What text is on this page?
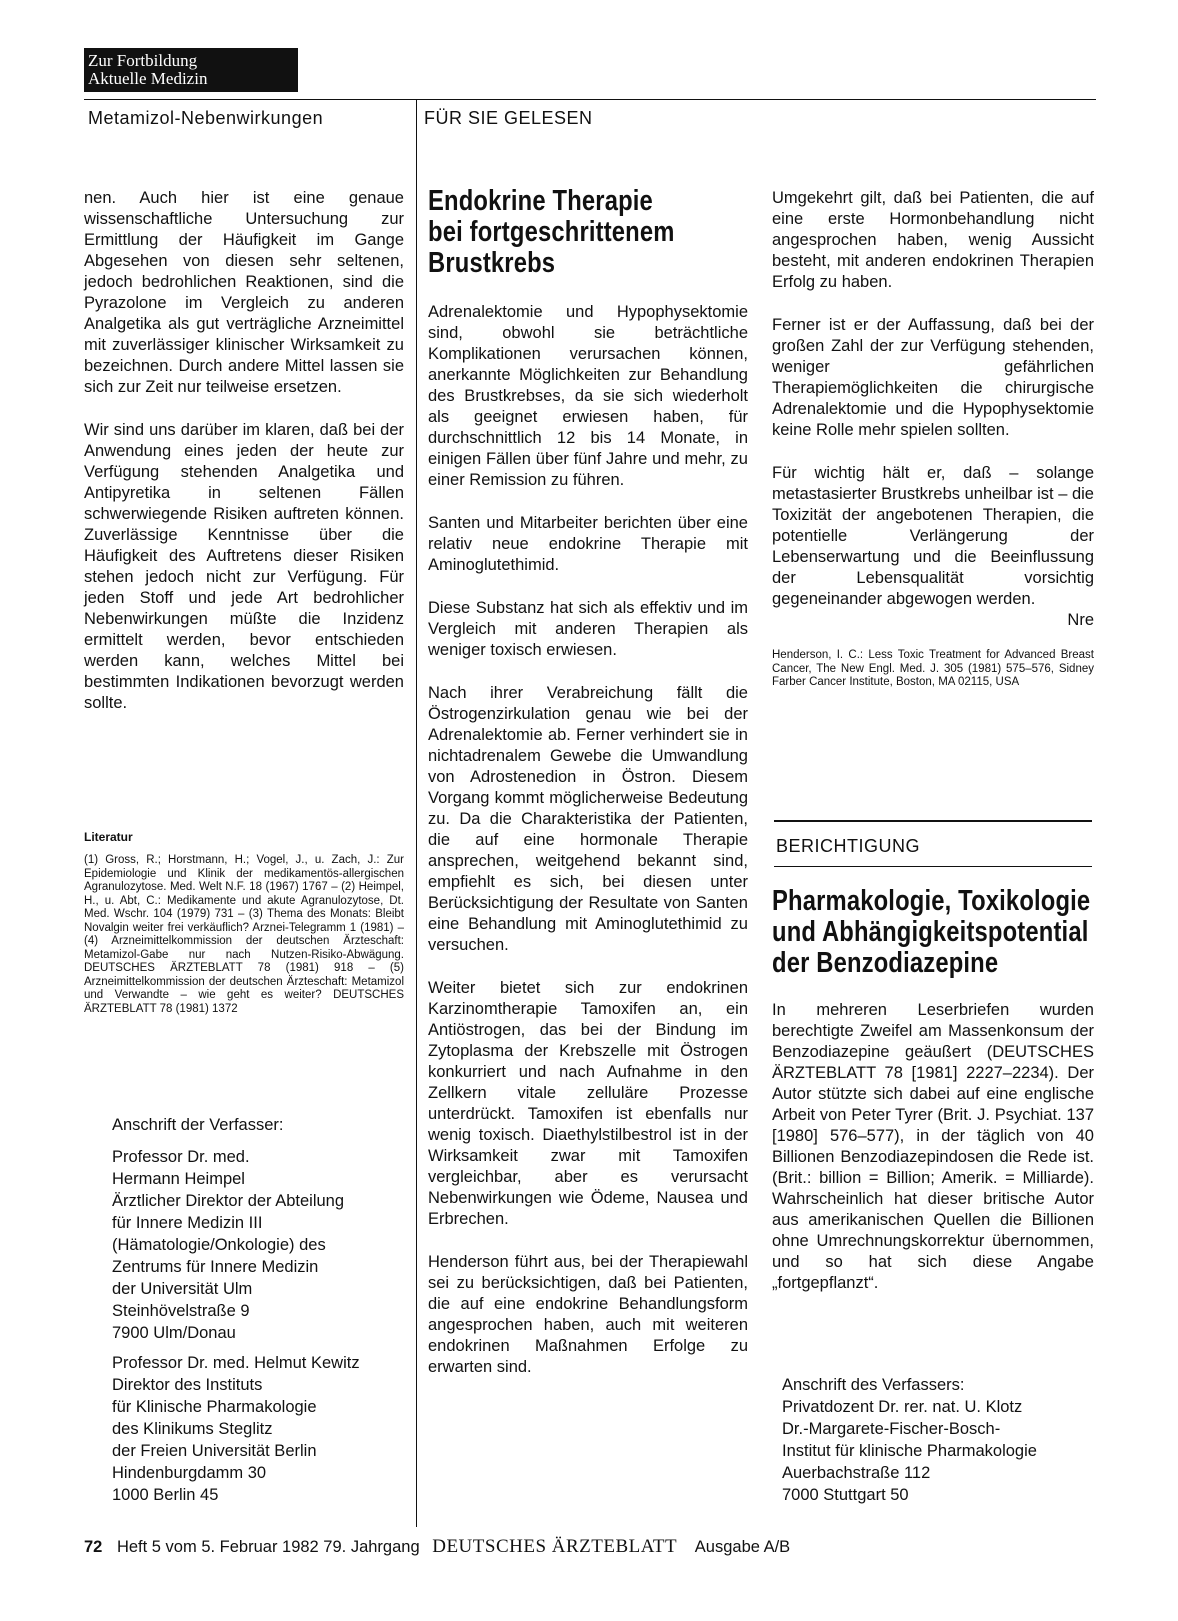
Zur Fortbildung
Aktuelle Medizin
Metamizol-Nebenwirkungen	FÜR SIE GELESEN

nen. Auch hier ist eine genaue wissenschaftliche Untersuchung zur Ermittlung der Häufigkeit im Gange Abgesehen von diesen sehr seltenen, jedoch bedrohlichen Reaktionen, sind die Pyrazolone im Vergleich zu anderen Analgetika als gut verträgliche Arzneimittel mit zuverlässiger klinischer Wirksamkeit zu bezeichnen. Durch andere Mittel lassen sie sich zur Zeit nur teilweise ersetzen.

Wir sind uns darüber im klaren, daß bei der Anwendung eines jeden der heute zur Verfügung stehenden Analgetika und Antipyretika in seltenen Fällen schwerwiegende Risiken auftreten können. Zuverlässige Kenntnisse über die Häufigkeit des Auftretens dieser Risiken stehen jedoch nicht zur Verfügung. Für jeden Stoff und jede Art bedrohlicher Nebenwirkungen müßte die Inzidenz ermittelt werden, bevor entschieden werden kann, welches Mittel bei bestimmten Indikationen bevorzugt werden sollte.

Literatur
(1) Gross, R.; Horstmann, H.; Vogel, J., u. Zach, J.: Zur Epidemiologie und Klinik der medikamentös-allergischen Agranulozytose. Med. Welt N.F. 18 (1967) 1767 – (2) Heimpel, H., u. Abt, C.: Medikamente und akute Agranulozytose, Dt. Med. Wschr. 104 (1979) 731 – (3) Thema des Monats: Bleibt Novalgin weiter frei verkäuflich? Arznei-Telegramm 1 (1981) – (4) Arzneimittelkommission der deutschen Ärzteschaft: Metamizol-Gabe nur nach Nutzen-Risiko-Abwägung. DEUTSCHES ÄRZTEBLATT 78 (1981) 918 – (5) Arzneimittelkommission der deutschen Ärzteschaft: Metamizol und Verwandte – wie geht es weiter? DEUTSCHES ÄRZTEBLATT 78 (1981) 1372
Anschrift der Verfasser:
Professor Dr. med.
Hermann Heimpel
Ärztlicher Direktor der Abteilung
für Innere Medizin III
(Hämatologie/Onkologie) des
Zentrums für Innere Medizin
der Universität Ulm
Steinhövelstraße 9
7900 Ulm/Donau
Professor Dr. med. Helmut Kewitz
Direktor des Instituts
für Klinische Pharmakologie
des Klinikums Steglitz
der Freien Universität Berlin
Hindenburgdamm 30
1000 Berlin 45
Endokrine Therapie
bei fortgeschrittenem
Brustkrebs

Adrenalektomie und Hypophysektomie sind, obwohl sie beträchtliche Komplikationen verursachen können, anerkannte Möglichkeiten zur Behandlung des Brustkrebses, da sie sich wiederholt als geeignet erwiesen haben, für durchschnittlich 12 bis 14 Monate, in einigen Fällen über fünf Jahre und mehr, zu einer Remission zu führen.

Santen und Mitarbeiter berichten über eine relativ neue endokrine Therapie mit Aminoglutethimid.

Diese Substanz hat sich als effektiv und im Vergleich mit anderen Therapien als weniger toxisch erwiesen.

Nach ihrer Verabreichung fällt die Östrogenzirkulation genau wie bei der Adrenalektomie ab. Ferner verhindert sie in nichtadrenalem Gewebe die Umwandlung von Adrostenedion in Östron. Diesem Vorgang kommt möglicherweise Bedeutung zu. Da die Charakteristika der Patienten, die auf eine hormonale Therapie ansprechen, weitgehend bekannt sind, empfiehlt es sich, bei diesen unter Berücksichtigung der Resultate von Santen eine Behandlung mit Aminoglutethimid zu versuchen.

Weiter bietet sich zur endokrinen Karzinomtherapie Tamoxifen an, ein Antiöstrogen, das bei der Bindung im Zytoplasma der Krebszelle mit Östrogen konkurriert und nach Aufnahme in den Zellkern vitale zelluläre Prozesse unterdrückt. Tamoxifen ist ebenfalls nur wenig toxisch. Diaethylstilbestrol ist in der Wirksamkeit zwar mit Tamoxifen vergleichbar, aber es verursacht Nebenwirkungen wie Ödeme, Nausea und Erbrechen.

Henderson führt aus, bei der Therapiewahl sei zu berücksichtigen, daß bei Patienten, die auf eine endokrine Behandlungsform angesprochen haben, auch mit weiteren endokrinen Maßnahmen Erfolge zu erwarten sind.

Umgekehrt gilt, daß bei Patienten, die auf eine erste Hormonbehandlung nicht angesprochen haben, wenig Aussicht besteht, mit anderen endokrinen Therapien Erfolg zu haben.

Ferner ist er der Auffassung, daß bei der großen Zahl der zur Verfügung stehenden, weniger gefährlichen Therapiemöglichkeiten die chirurgische Adrenalektomie und die Hypophysektomie keine Rolle mehr spielen sollten.

Für wichtig hält er, daß – solange metastasierter Brustkrebs unheilbar ist – die Toxizität der angebotenen Therapien, die potentielle Verlängerung der Lebenserwartung und die Beeinflussung der Lebensqualität vorsichtig gegeneinander abgewogen werden.

Nre
Henderson, I. C.: Less Toxic Treatment for Advanced Breast Cancer, The New Engl. Med. J. 305 (1981) 575–576, Sidney Farber Cancer Institute, Boston, MA 02115, USA
BERICHTIGUNG
Pharmakologie, Toxikologie
und Abhängigkeitspotential
der Benzodiazepine

In mehreren Leserbriefen wurden berechtigte Zweifel am Massenkonsum der Benzodiazepine geäußert (DEUTSCHES ÄRZTEBLATT 78 [1981] 2227–2234). Der Autor stützte sich dabei auf eine englische Arbeit von Peter Tyrer (Brit. J. Psychiat. 137 [1980] 576–577), in der täglich von 40 Billionen Benzodiazepindosen die Rede ist. (Brit.: billion = Billion; Amerik. = Milliarde). Wahrscheinlich hat dieser britische Autor aus amerikanischen Quellen die Billionen ohne Umrechnungskorrektur übernommen, und so hat sich diese Angabe „fortgepflanzt“.

Anschrift des Verfassers:
Privatdozent Dr. rer. nat. U. Klotz
Dr.-Margarete-Fischer-Bosch-
Institut für klinische Pharmakologie
Auerbachstraße 112
7000 Stuttgart 50
72 Heft 5 vom 5. Februar 1982 79. Jahrgang DEUTSCHES ÄRZTEBLATT Ausgabe A/B
